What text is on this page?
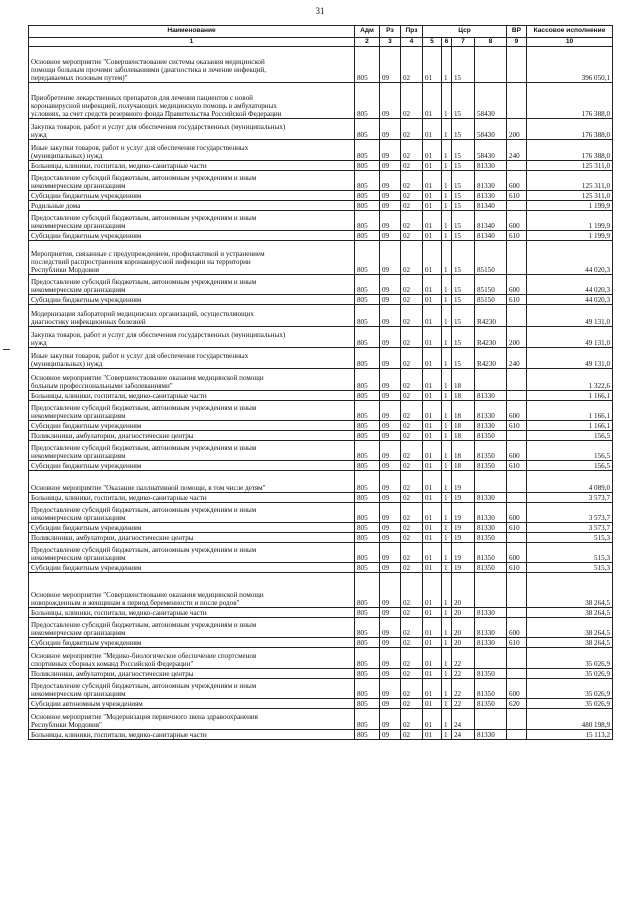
31
Наименование	Адм	Рз	Прз	Цср				ВР	Кассовое исполнение
1	2	3	4	5	6	7	8	9	10
Основное мероприятие "Совершенствование системы оказания медицинской
помощи больным прочими заболеваниями (диагностика и лечение инфекций,
передаваемых половым путем)"	805	09	02	01	1	15			396 050,1
Приобретение лекарственных препаратов для лечения пациентов с новой
коронавирусной инфекцией, получающих медицинскую помощь в амбулаторных
условиях, за счет средств резервного фонда Правительства Российской Федерации	805	09	02	01	1	15	58430		176 388,0
Закупка товаров, работ и услуг для обеспечения государственных (муниципальных)
нужд	805	09	02	01	1	15	58430	200	176 388,0
Иные закупки товаров, работ и услуг для обеспечения государственных
(муниципальных) нужд	805	09	02	01	1	15	58430	240	176 388,0
Больницы, клиники, госпитали, медико-санитарные части	805	09	02	01	1	15	81330		125 311,0
Предоставление субсидий бюджетным, автономным учреждениям и иным
некоммерческим организациям	805	09	02	01	1	15	81330	600	125 311,0
Субсидии бюджетным учреждениям	805	09	02	01	1	15	81330	610	125 311,0
Родильные дома	805	09	02	01	1	15	81340		1 199,9
Предоставление субсидий бюджетным, автономным учреждениям и иным
некоммерческим организациям	805	09	02	01	1	15	81340	600	1 199,9
Субсидии бюджетным учреждениям	805	09	02	01	1	15	81340	610	1 199,9
Мероприятия, связанные с предупреждением, профилактикой и устранением
последствий распространения коронавирусной инфекции на территории
Республики Мордовия	805	09	02	01	1	15	85150		44 020,3
Предоставление субсидий бюджетным, автономным учреждениям и иным
некоммерческим организациям	805	09	02	01	1	15	85150	600	44 020,3
Субсидии бюджетным учреждениям	805	09	02	01	1	15	85150	610	44 020,3
Модернизация лабораторий медицинских организаций, осуществляющих
диагностику инфекционных болезней	805	09	02	01	1	15	R4230		49 131,0
Закупка товаров, работ и услуг для обеспечения государственных (муниципальных)
нужд	805	09	02	01	1	15	R4230	200	49 131,0
Иные закупки товаров, работ и услуг для обеспечения государственных
(муниципальных) нужд	805	09	02	01	1	15	R4230	240	49 131,0
Основное мероприятие "Совершенствование оказания медицинской помощи
больным профессиональными заболеваниями"	805	09	02	01	1	18			1 322,6
Больницы, клиники, госпитали, медико-санитарные части	805	09	02	01	1	18	81330		1 166,1
Предоставление субсидий бюджетным, автономным учреждениям и иным
некоммерческим организациям	805	09	02	01	1	18	81330	600	1 166,1
Субсидии бюджетным учреждениям	805	09	02	01	1	18	81330	610	1 166,1
Поликлиники, амбулатории, диагностические центры	805	09	02	01	1	18	81350		156,5
Предоставление субсидий бюджетным, автономным учреждениям и иным
некоммерческим организациям	805	09	02	01	1	18	81350	600	156,5
Субсидии бюджетным учреждениям	805	09	02	01	1	18	81350	610	156,5
Основное мероприятие "Оказание паллиативной помощи, в том числе детям"	805	09	02	01	1	19			4 089,0
Больницы, клиники, госпитали, медико-санитарные части	805	09	02	01	1	19	81330		3 573,7
Предоставление субсидий бюджетным, автономным учреждениям и иным
некоммерческим организациям	805	09	02	01	1	19	81330	600	3 573,7
Субсидии бюджетным учреждениям	805	09	02	01	1	19	81330	610	3 573,7
Поликлиники, амбулатории, диагностические центры	805	09	02	01	1	19	81350		515,3
Предоставление субсидий бюджетным, автономным учреждениям и иным
некоммерческим организациям	805	09	02	01	1	19	81350	600	515,3
Субсидии бюджетным учреждениям	805	09	02	01	1	19	81350	610	515,3
Основное мероприятие "Совершенствование оказания медицинской помощи
новорожденным и женщинам в период беременности и после родов"	805	09	02	01	1	20			38 264,5
Больницы, клиники, госпитали, медико-санитарные части	805	09	02	01	1	20	81330		38 264,5
Предоставление субсидий бюджетным, автономным учреждениям и иным
некоммерческим организациям	805	09	02	01	1	20	81330	600	38 264,5
Субсидии бюджетным учреждениям	805	09	02	01	1	20	81330	610	38 264,5
Основное мероприятие "Медико-биологическое обеспечение спортсменов
спортивных сборных команд Российской Федерации"	805	09	02	01	1	22			35 026,9
Поликлиники, амбулатории, диагностические центры	805	09	02	01	1	22	81350		35 026,9
Предоставление субсидий бюджетным, автономным учреждениям и иным
некоммерческим организациям	805	09	02	01	1	22	81350	600	35 026,9
Субсидии автономным учреждениям	805	09	02	01	1	22	81350	620	35 026,9
Основное мероприятие "Модернизация первичного звена здравоохранения
Республики Мордовия"	805	09	02	01	1	24			480 198,9
Больницы, клиники, госпитали, медико-санитарные части	805	09	02	01	1	24	81330		15 113,2
